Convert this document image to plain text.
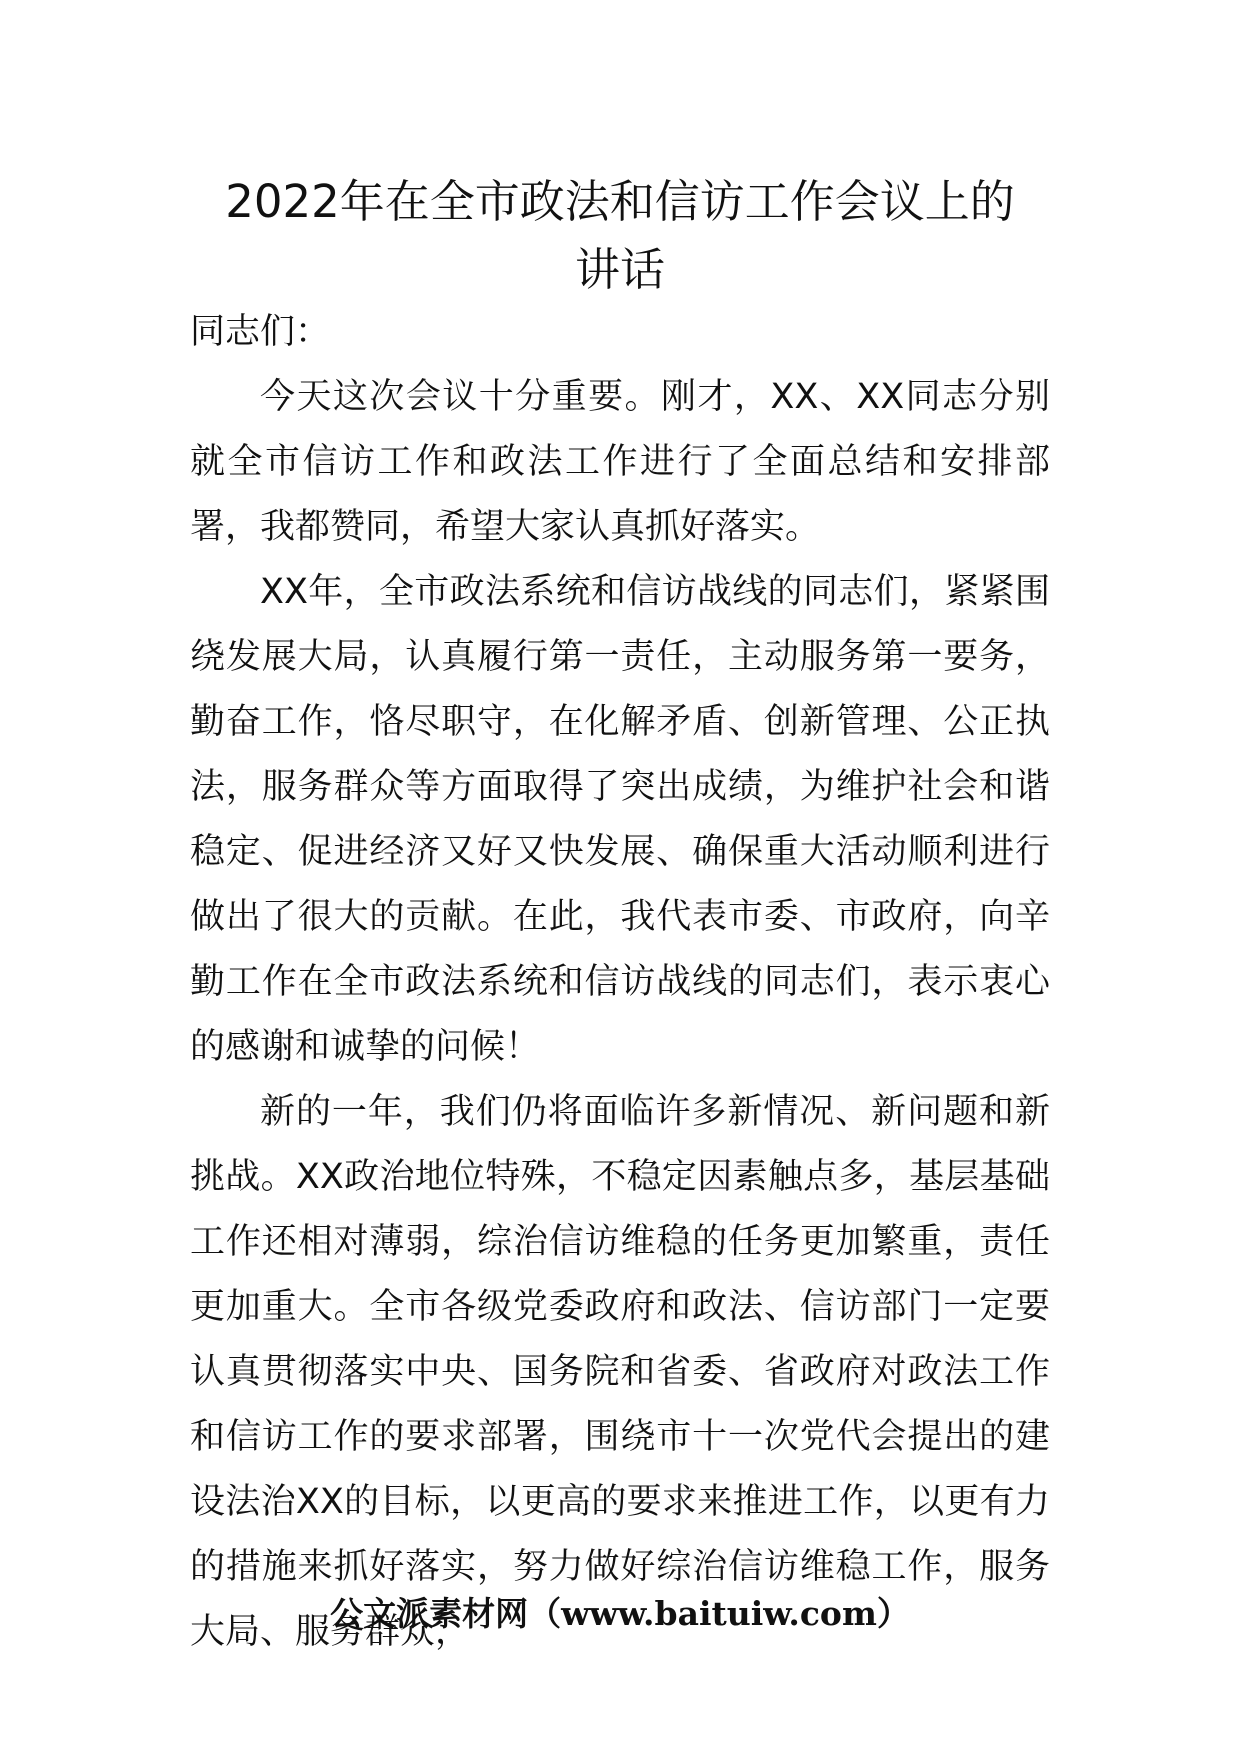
2022年在全市政法和信访工作会议上的
讲话

同志们：

今天这次会议十分重要。刚才，XX、XX同志分别就全市信访工作和政法工作进行了全面总结和安排部署，我都赞同，希望大家认真抓好落实。

XX年，全市政法系统和信访战线的同志们，紧紧围绕发展大局，认真履行第一责任，主动服务第一要务，勤奋工作，恪尽职守，在化解矛盾、创新管理、公正执法，服务群众等方面取得了突出成绩，为维护社会和谐稳定、促进经济又好又快发展、确保重大活动顺利进行做出了很大的贡献。在此，我代表市委、市政府，向辛勤工作在全市政法系统和信访战线的同志们，表示衷心的感谢和诚挚的问候！

新的一年，我们仍将面临许多新情况、新问题和新挑战。XX政治地位特殊，不稳定因素触点多，基层基础工作还相对薄弱，综治信访维稳的任务更加繁重，责任更加重大。全市各级党委政府和政法、信访部门一定要认真贯彻落实中央、国务院和省委、省政府对政法工作和信访工作的要求部署，围绕市十一次党代会提出的建设法治XX的目标，以更高的要求来推进工作，以更有力的措施来抓好落实，努力做好综治信访维稳工作，服务大局、服务群众，

公文派素材网（www.baituiw.com）
